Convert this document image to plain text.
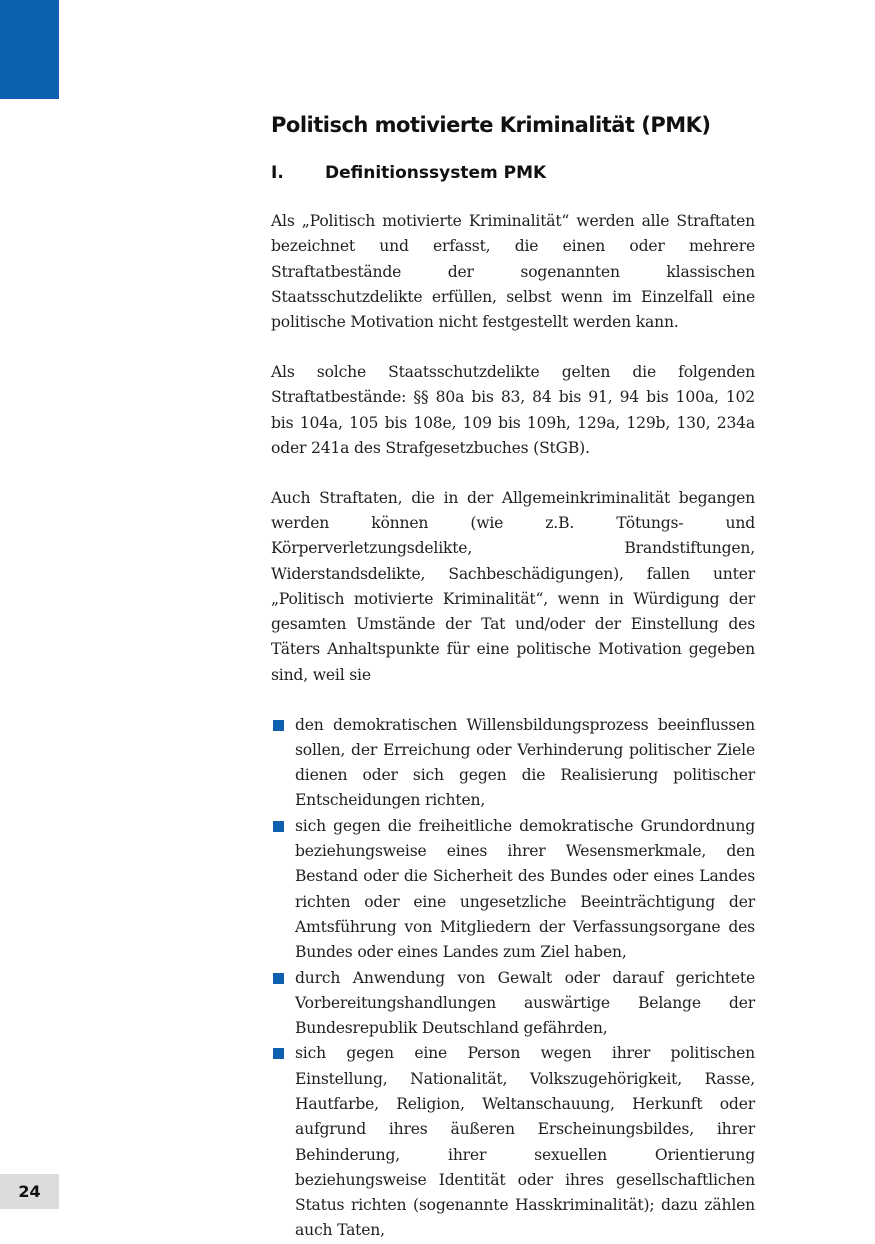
24
Politisch motivierte Kriminalität (PMK)
I.	Definitionssystem PMK

Als „Politisch motivierte Kriminalität“ werden alle Straftaten bezeichnet und erfasst, die einen oder mehrere Straftatbestände der sogenannten klassischen Staatsschutzdelikte erfüllen, selbst wenn im Einzelfall eine politische Motivation nicht festgestellt werden kann.

Als solche Staatsschutzdelikte gelten die folgenden Straftatbestände: §§ 80a bis 83, 84 bis 91, 94 bis 100a, 102 bis 104a, 105 bis 108e, 109 bis 109h, 129a, 129b, 130, 234a oder 241a des Strafgesetzbuches (StGB).

Auch Straftaten, die in der Allgemeinkriminalität begangen werden können (wie z.B. Tötungs- und Körperverletzungsdelikte, Brandstiftungen, Widerstandsdelikte, Sachbeschädigungen), fallen unter „Politisch motivierte Kriminalität“, wenn in Würdigung der gesamten Umstände der Tat und/oder der Einstellung des Täters Anhaltspunkte für eine politische Motivation gegeben sind, weil sie

den demokratischen Willensbildungsprozess beeinflussen sollen, der Erreichung oder Verhinderung politischer Ziele dienen oder sich gegen die Realisierung politischer Entscheidungen richten,
sich gegen die freiheitliche demokratische Grundordnung beziehungsweise eines ihrer Wesensmerkmale, den Bestand oder die Sicherheit des Bundes oder eines Landes richten oder eine ungesetzliche Beeinträchtigung der Amtsführung von Mitgliedern der Verfassungsorgane des Bundes oder eines Landes zum Ziel haben,
durch Anwendung von Gewalt oder darauf gerichtete Vorbereitungshandlungen auswärtige Belange der Bundesrepublik Deutschland gefährden,
sich gegen eine Person wegen ihrer politischen Einstellung, Nationalität, Volkszugehörigkeit, Rasse, Hautfarbe, Religion, Weltanschauung, Herkunft oder aufgrund ihres äußeren Erscheinungsbildes, ihrer Behinderung, ihrer sexuellen Orientierung beziehungsweise Identität oder ihres gesellschaftlichen Status richten (sogenannte Hasskriminalität); dazu zählen auch Taten,
